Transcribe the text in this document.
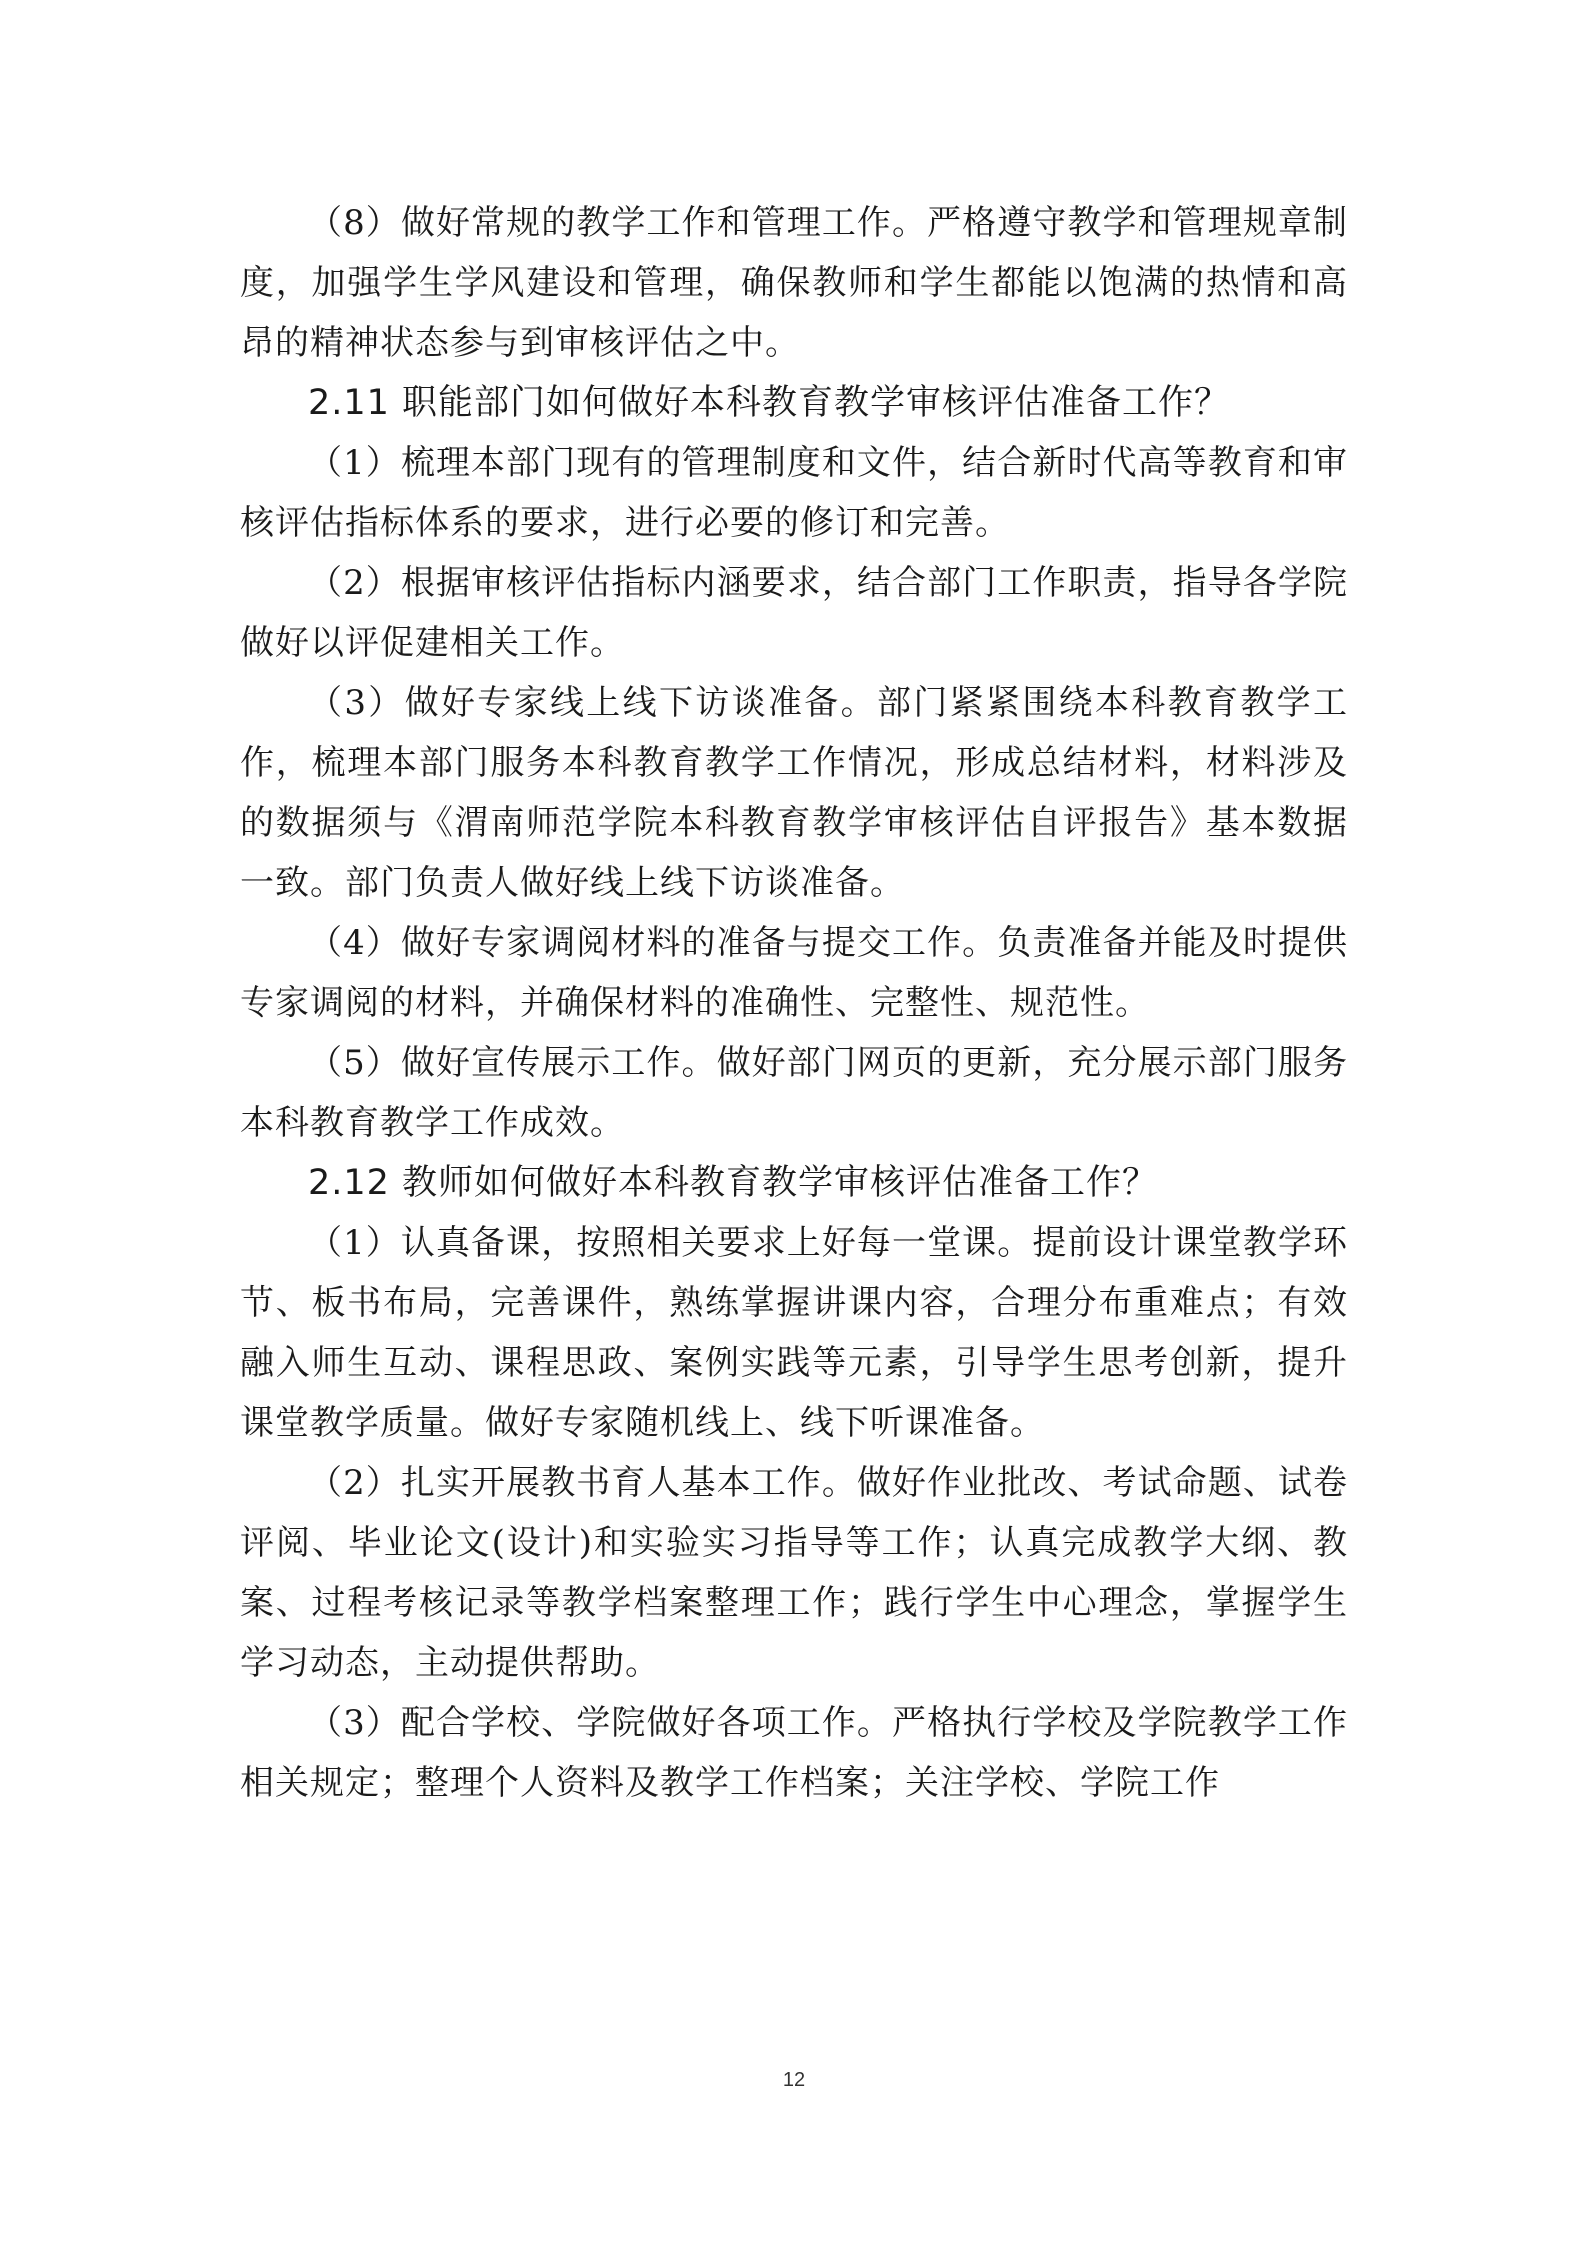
（8）做好常规的教学工作和管理工作。严格遵守教学和管理规章制度，加强学生学风建设和管理，确保教师和学生都能以饱满的热情和高昂的精神状态参与到审核评估之中。

2.11 职能部门如何做好本科教育教学审核评估准备工作？

（1）梳理本部门现有的管理制度和文件，结合新时代高等教育和审核评估指标体系的要求，进行必要的修订和完善。

（2）根据审核评估指标内涵要求，结合部门工作职责，指导各学院做好以评促建相关工作。

（3）做好专家线上线下访谈准备。部门紧紧围绕本科教育教学工作，梳理本部门服务本科教育教学工作情况，形成总结材料，材料涉及的数据须与《渭南师范学院本科教育教学审核评估自评报告》基本数据一致。部门负责人做好线上线下访谈准备。

（4）做好专家调阅材料的准备与提交工作。负责准备并能及时提供专家调阅的材料，并确保材料的准确性、完整性、规范性。

（5）做好宣传展示工作。做好部门网页的更新，充分展示部门服务本科教育教学工作成效。

2.12 教师如何做好本科教育教学审核评估准备工作？

（1）认真备课，按照相关要求上好每一堂课。提前设计课堂教学环节、板书布局，完善课件，熟练掌握讲课内容，合理分布重难点；有效融入师生互动、课程思政、案例实践等元素，引导学生思考创新，提升课堂教学质量。做好专家随机线上、线下听课准备。

（2）扎实开展教书育人基本工作。做好作业批改、考试命题、试卷评阅、毕业论文(设计)和实验实习指导等工作；认真完成教学大纲、教案、过程考核记录等教学档案整理工作；践行学生中心理念，掌握学生学习动态，主动提供帮助。

（3）配合学校、学院做好各项工作。严格执行学校及学院教学工作相关规定；整理个人资料及教学工作档案；关注学校、学院工作

12
